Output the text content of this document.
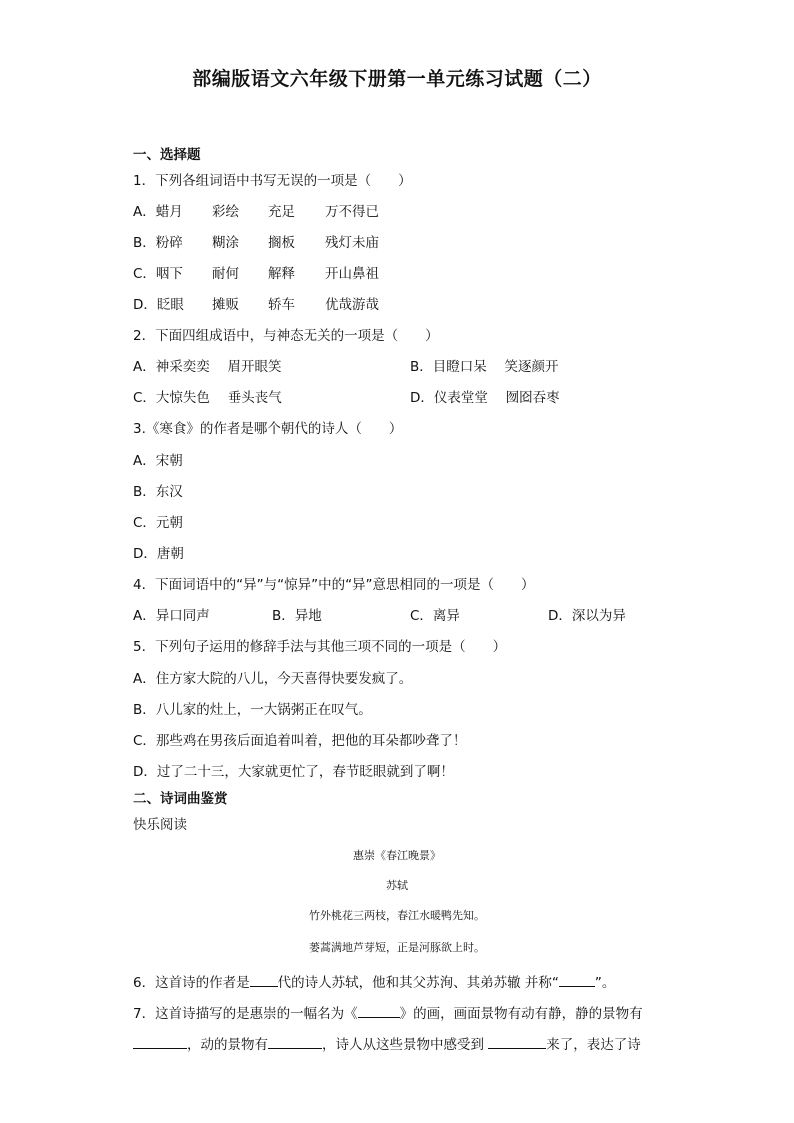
部编版语文六年级下册第一单元练习试题（二）
一、选择题
1．下列各组词语中书写无误的一项是（　　）
A．蜡月 彩绘 充足 万不得已
B．粉碎 糊涂 搁板 残灯未庙
C．咽下 耐何 解释 开山鼻祖
D．眨眼 摊贩 轿车 优哉游哉
2．下面四组成语中，与神态无关的一项是（　　）
A．神采奕奕　 眉开眼笑	B．目瞪口呆　 笑逐颜开
C．大惊失色　 垂头丧气	D．仪表堂堂　 囫囵吞枣
3.《寒食》的作者是哪个朝代的诗人（　　）
A．宋朝
B．东汉
C．元朝
D．唐朝
4．下面词语中的“异”与“惊异”中的“异”意思相同的一项是（　　）
A．异口同声	B．异地	C．离异	D．深以为异
5．下列句子运用的修辞手法与其他三项不同的一项是（　　）
A．住方家大院的八儿，今天喜得快要发疯了。
B．八儿家的灶上，一大锅粥正在叹气。
C．那些鸡在男孩后面追着叫着，把他的耳朵都吵聋了！
D．过了二十三，大家就更忙了，春节眨眼就到了啊！
二、诗词曲鉴赏
快乐阅读
惠崇《春江晚景》
苏轼
竹外桃花三两枝，春江水暖鸭先知。
蒌蒿满地芦芽短，正是河豚欲上时。
6．这首诗的作者是 代的诗人苏轼，他和其父苏洵、其弟苏辙 并称“	”。
7．这首诗描写的是惠崇的一幅名为《	》的画，画面景物有动有静，静的景物有
，动的景物有	，诗人从这些景物中感受到	来了，表达了诗
